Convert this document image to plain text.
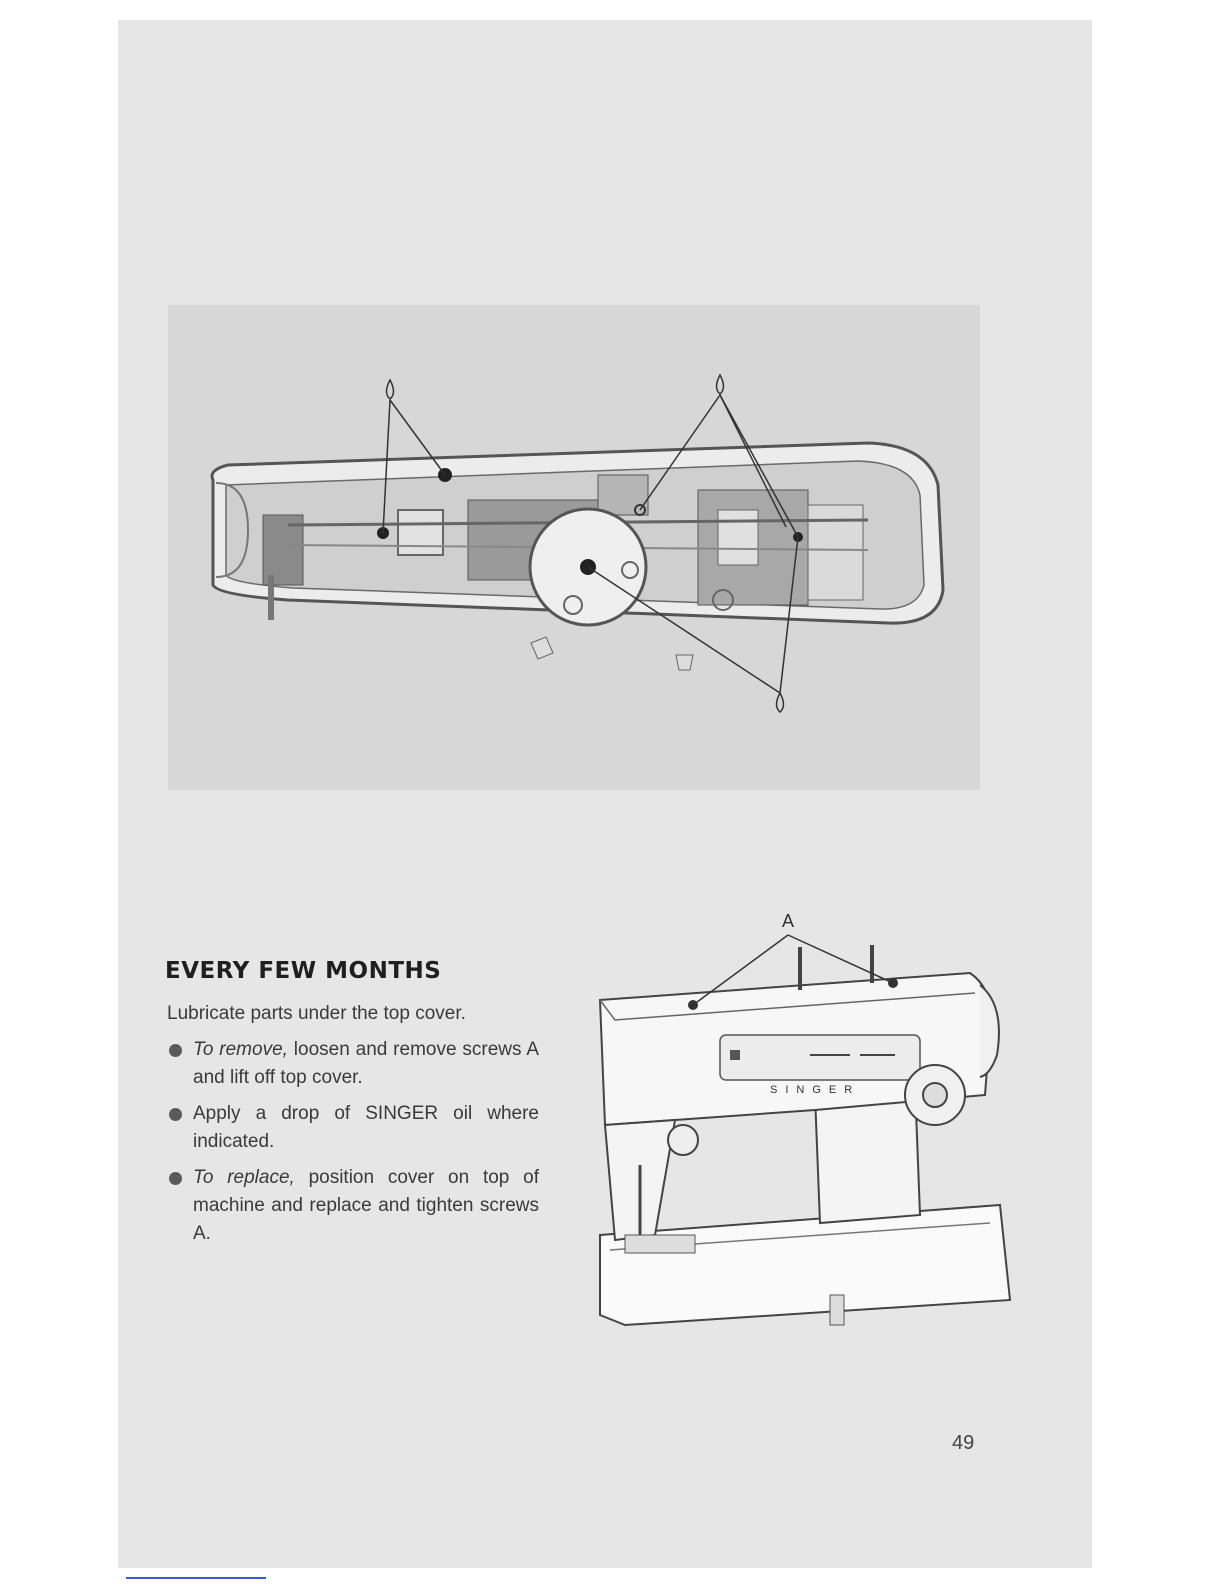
EVERY FEW MONTHS

Lubricate parts under the top cover.

To remove, loosen and remove screws A and lift off top cover.
Apply a drop of SINGER oil where indicated.
To replace, position cover on top of machine and replace and tighten screws A.
SINGER
A
49
